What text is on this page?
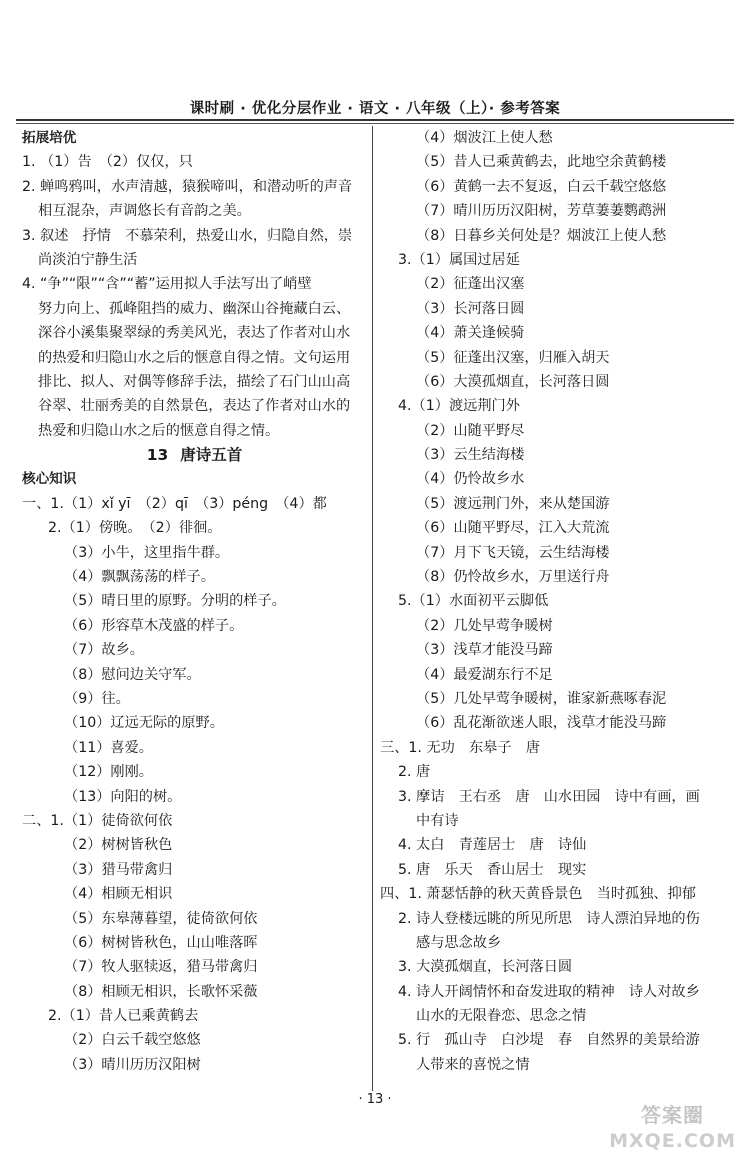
课时刷 · 优化分层作业 · 语文 · 八年级（上）· 参考答案
拓展培优
1. （1）告　（2）仅仅，只
2. 蝉鸣鸦叫，水声清越，猿猴啼叫，和潜动听的声音
相互混杂，声调悠长有音韵之美。
3. 叙述　抒情　不慕荣利，热爱山水，归隐自然，崇
尚淡泊宁静生活
4. “争”“限”“含”“蓄”运用拟人手法写出了峭壁
努力向上、孤峰阻挡的威力、幽深山谷掩藏白云、
深谷小溪集聚翠绿的秀美风光，表达了作者对山水
的热爱和归隐山水之后的惬意自得之情。文句运用
排比、拟人、对偶等修辞手法，描绘了石门山山高
谷翠、壮丽秀美的自然景色，表达了作者对山水的
热爱和归隐山水之后的惬意自得之情。
13 唐诗五首
核心知识
一、1.（1）xǐ yī　（2）qī　（3）péng　（4）都
2.（1）傍晚。　（2）徘徊。
（3）小牛，这里指牛群。
（4）飘飘荡荡的样子。
（5）晴日里的原野。分明的样子。
（6）形容草木茂盛的样子。
（7）故乡。
（8）慰问边关守军。
（9）往。
（10）辽远无际的原野。
（11）喜爱。
（12）刚刚。
（13）向阳的树。
二、1.（1）徒倚欲何依
（2）树树皆秋色
（3）猎马带禽归
（4）相顾无相识
（5）东皋薄暮望，徒倚欲何依
（6）树树皆秋色，山山唯落晖
（7）牧人驱犊返，猎马带禽归
（8）相顾无相识，长歌怀采薇
2.（1）昔人已乘黄鹤去
（2）白云千载空悠悠
（3）晴川历历汉阳树
（4）烟波江上使人愁
（5）昔人已乘黄鹤去，此地空余黄鹤楼
（6）黄鹤一去不复返，白云千载空悠悠
（7）晴川历历汉阳树，芳草萋萋鹦鹉洲
（8）日暮乡关何处是？烟波江上使人愁
3.（1）属国过居延
（2）征蓬出汉塞
（3）长河落日圆
（4）萧关逢候骑
（5）征蓬出汉塞，归雁入胡天
（6）大漠孤烟直，长河落日圆
4.（1）渡远荆门外
（2）山随平野尽
（3）云生结海楼
（4）仍怜故乡水
（5）渡远荆门外，来从楚国游
（6）山随平野尽，江入大荒流
（7）月下飞天镜，云生结海楼
（8）仍怜故乡水，万里送行舟
5.（1）水面初平云脚低
（2）几处早莺争暖树
（3）浅草才能没马蹄
（4）最爱湖东行不足
（5）几处早莺争暖树，谁家新燕啄春泥
（6）乱花渐欲迷人眼，浅草才能没马蹄
三、1. 无功　东皋子　唐
2. 唐
3. 摩诘　王右丞　唐　山水田园　诗中有画，画
中有诗
4. 太白　青莲居士　唐　诗仙
5. 唐　乐天　香山居士　现实
四、1. 萧瑟恬静的秋天黄昏景色　当时孤独、抑郁
2. 诗人登楼远眺的所见所思　诗人漂泊异地的伤
感与思念故乡
3. 大漠孤烟直，长河落日圆
4. 诗人开阔情怀和奋发进取的精神　诗人对故乡
山水的无限眷恋、思念之情
5. 行　孤山寺　白沙堤　春　自然界的美景给游
人带来的喜悦之情
· 13 ·
答案圈
MXQE.COM
